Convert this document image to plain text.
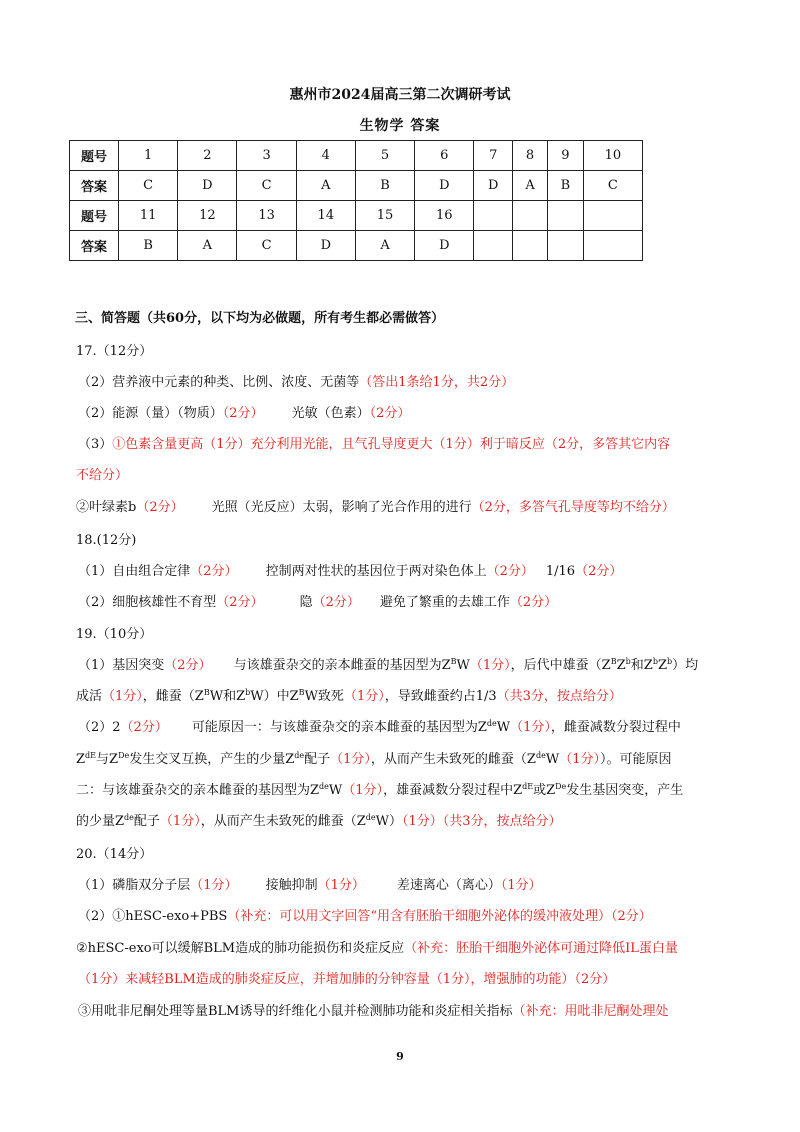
惠州市2024届高三第二次调研考试
生物学 答案
题号	1	2	3	4	5	6	7	8	9	10
答案	C	D	C	A	B	D	D	A	B	C
题号	11	12	13	14	15	16				
答案	B	A	C	D	A	D				
三、简答题（共60分，以下均为必做题，所有考生都必需做答）
17.（12分）
（2）营养液中元素的种类、比例、浓度、无菌等（答出1条给1分，共2分）
（2）能源（量）（物质）（2分） 光敏（色素）（2分）
（3）①色素含量更高（1分）充分利用光能，且气孔导度更大（1分）利于暗反应（2分，多答其它内容
不给分）
②叶绿素b（2分） 光照（光反应）太弱，影响了光合作用的进行（2分，多答气孔导度等均不给分）
18.(12分)
（1）自由组合定律（2分） 控制两对性状的基因位于两对染色体上（2分） 1/16（2分）
（2）细胞核雄性不育型（2分）	隐（2分） 避免了繁重的去雄工作（2分）
19.（10分）
（1）基因突变（2分） 与该雄蚕杂交的亲本雌蚕的基因型为$Z^BW(1$分），后代中雄蚕（$Z^BZ^b$和$Z^bZ^b$）均
成活（1分），雌蚕（$Z^BW$和$Z^bW$）中$Z^BW$致死（1分），导致雌蚕约占1/3（共3分，按点给分）
（2）2（2分） 可能原因一：与该雄蚕杂交的亲本雌蚕的基因型为$Z^{de}W(1$分），雌蚕减数分裂过程中
$Z^{dE}$与$Z^{De}$发生交叉互换，产生的少量$Z^{de}$配子（1分），从而产生未致死的雌蚕（$Z^{de}W(1$分））。可能原因
二：与该雄蚕杂交的亲本雌蚕的基因型为$Z^{de}W(1$分），雄蚕减数分裂过程中$Z^{dE}$或$Z^{De}$发生基因突变，产生
的少量$Z^{de}$配子（1分），从而产生未致死的雌蚕$(Z^{de}W)(1$分）（共3分，按点给分）
20.（14分）
（1）磷脂双分子层（1分） 接触抑制（1分） 差速离心（离心）（1分）
（2）①hESC-exo+PBS（补充：可以用文字回答“用含有胚胎干细胞外泌体的缓冲液处理）（2分）
②hESC-exo可以缓解BLM造成的肺功能损伤和炎症反应（补充：胚胎干细胞外泌体可通过降低IL蛋白量
（1分）来减轻BLM造成的肺炎症反应，并增加肺的分钟容量（1分），增强肺的功能）（2分）
③用吡非尼酮处理等量BLM诱导的纤维化小鼠并检测肺功能和炎症相关指标（补充：用吡非尼酮处理处
9
